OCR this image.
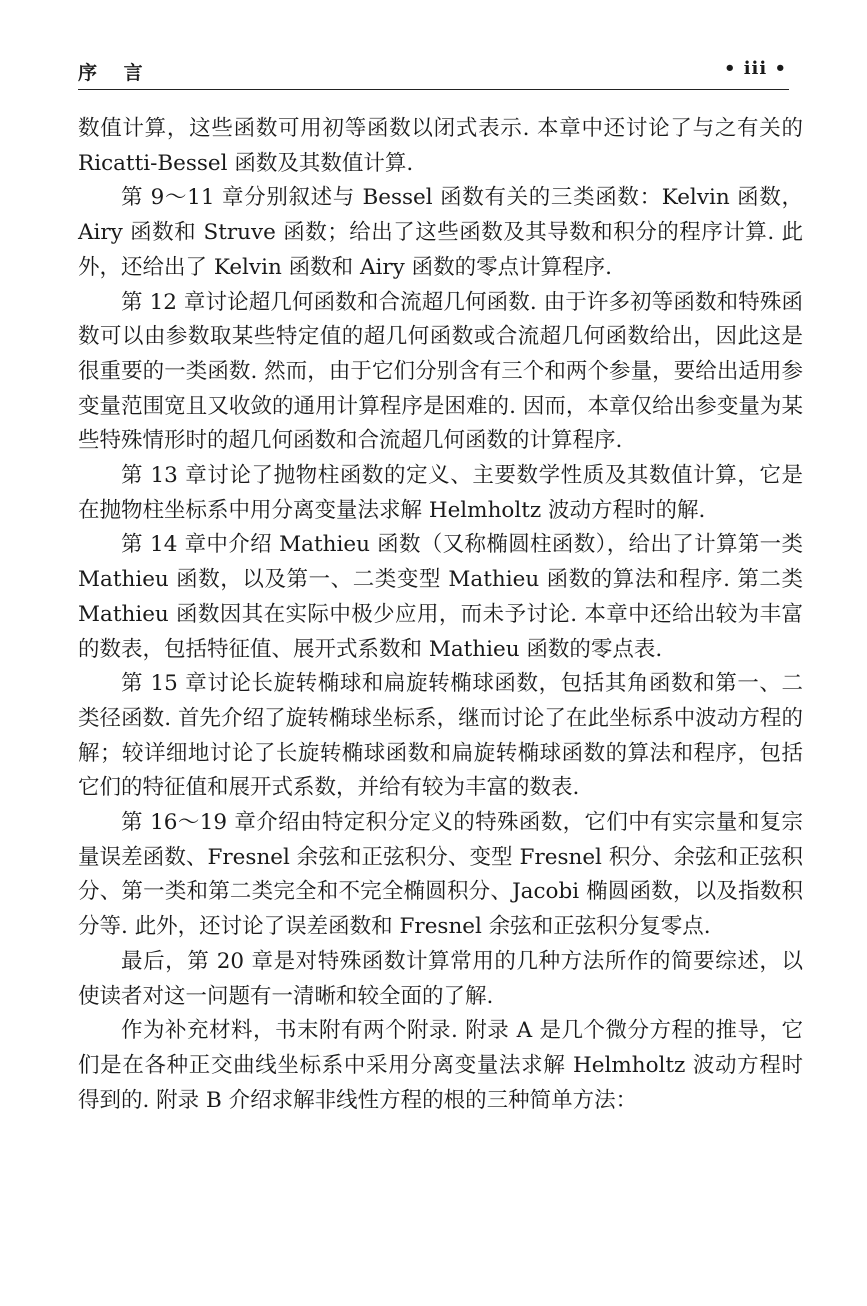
序 言	• iii •

数值计算，这些函数可用初等函数以闭式表示. 本章中还讨论了与之有关的 Ricatti-Bessel 函数及其数值计算.

第 9～11 章分别叙述与 Bessel 函数有关的三类函数：Kelvin 函数，Airy 函数和 Struve 函数；给出了这些函数及其导数和积分的程序计算. 此外，还给出了 Kelvin 函数和 Airy 函数的零点计算程序.

第 12 章讨论超几何函数和合流超几何函数. 由于许多初等函数和特殊函数可以由参数取某些特定值的超几何函数或合流超几何函数给出，因此这是很重要的一类函数. 然而，由于它们分别含有三个和两个参量，要给出适用参变量范围宽且又收敛的通用计算程序是困难的. 因而，本章仅给出参变量为某些特殊情形时的超几何函数和合流超几何函数的计算程序.

第 13 章讨论了抛物柱函数的定义、主要数学性质及其数值计算，它是在抛物柱坐标系中用分离变量法求解 Helmholtz 波动方程时的解.

第 14 章中介绍 Mathieu 函数（又称椭圆柱函数），给出了计算第一类 Mathieu 函数，以及第一、二类变型 Mathieu 函数的算法和程序. 第二类 Mathieu 函数因其在实际中极少应用，而未予讨论. 本章中还给出较为丰富的数表，包括特征值、展开式系数和 Mathieu 函数的零点表.

第 15 章讨论长旋转椭球和扁旋转椭球函数，包括其角函数和第一、二类径函数. 首先介绍了旋转椭球坐标系，继而讨论了在此坐标系中波动方程的解；较详细地讨论了长旋转椭球函数和扁旋转椭球函数的算法和程序，包括它们的特征值和展开式系数，并给有较为丰富的数表.

第 16～19 章介绍由特定积分定义的特殊函数，它们中有实宗量和复宗量误差函数、Fresnel 余弦和正弦积分、变型 Fresnel 积分、余弦和正弦积分、第一类和第二类完全和不完全椭圆积分、Jacobi 椭圆函数，以及指数积分等. 此外，还讨论了误差函数和 Fresnel 余弦和正弦积分复零点.

最后，第 20 章是对特殊函数计算常用的几种方法所作的简要综述，以使读者对这一问题有一清晰和较全面的了解.

作为补充材料，书末附有两个附录. 附录 A 是几个微分方程的推导，它们是在各种正交曲线坐标系中采用分离变量法求解 Helmholtz 波动方程时得到的. 附录 B 介绍求解非线性方程的根的三种简单方法：
